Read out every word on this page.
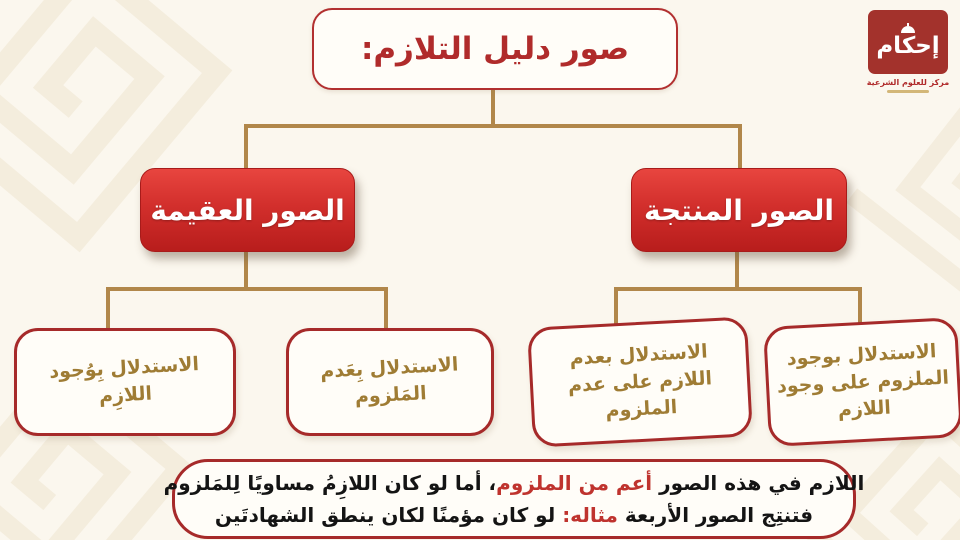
صور دليل التلازم:
الصور المنتجة
الصور العقيمة
الاستدلال بوجود
الملزوم على وجود
اللازم
الاستدلال بعدم
اللازم على عدم
الملزوم
الاستدلال بِعَدم
المَلزوم
الاستدلال بِوُجود
اللازِم
اللازم في هذه الصور أعم من الملزوم، أما لو كان اللازِمُ مساويًا لِلمَلزوم
فتنتِج الصور الأربعة مثاله: لو كان مؤمنًا لكان ينطق الشهادتَين
إحكام
مركز للعلوم الشرعية
